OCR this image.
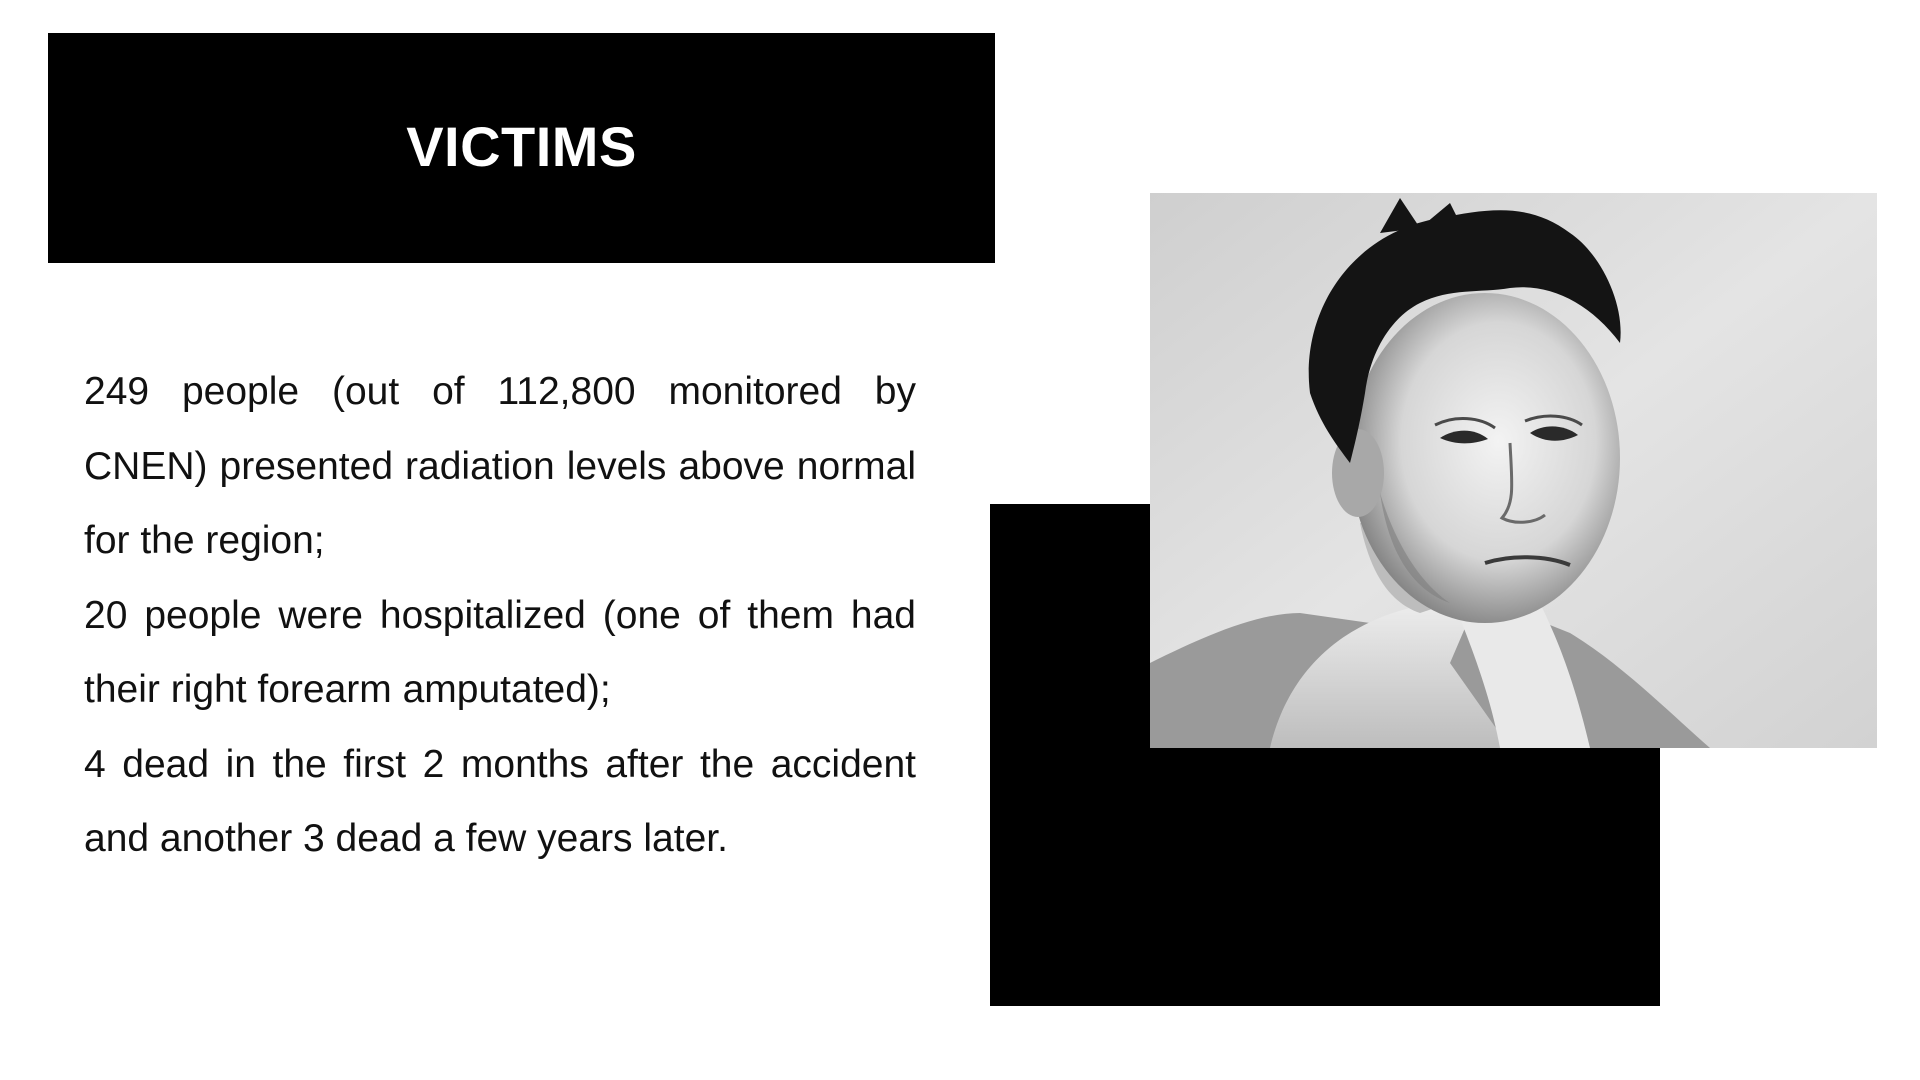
VICTIMS

249 people (out of 112,800 monitored by CNEN) presented radiation levels above normal for the region;

20 people were hospitalized (one of them had their right forearm amputated);

4 dead in the first 2 months after the accident and another 3 dead a few years later.
